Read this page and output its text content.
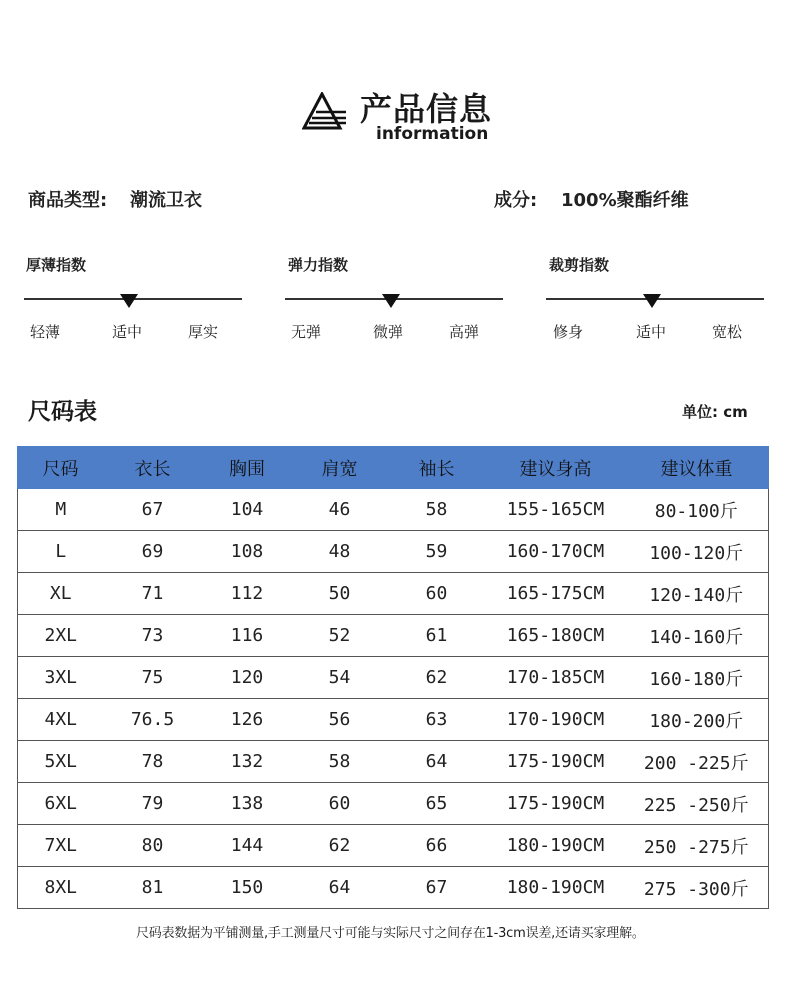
产品信息
information
商品类型: 潮流卫衣	成分: 100%聚酯纤维
厚薄指数
轻薄	适中	厚实
弹力指数
无弹	微弹	高弹
裁剪指数
修身	适中	宽松
尺码表	单位: cm
尺码	衣长	胸围	肩宽	袖长	建议身高	建议体重
M	67	104	46	58	155-165CM	80-100斤
L	69	108	48	59	160-170CM	100-120斤
XL	71	112	50	60	165-175CM	120-140斤
2XL	73	116	52	61	165-180CM	140-160斤
3XL	75	120	54	62	170-185CM	160-180斤
4XL	76.5	126	56	63	170-190CM	180-200斤
5XL	78	132	58	64	175-190CM	200 -225斤
6XL	79	138	60	65	175-190CM	225 -250斤
7XL	80	144	62	66	180-190CM	250 -275斤
8XL	81	150	64	67	180-190CM	275 -300斤
尺码表数据为平铺测量,手工测量尺寸可能与实际尺寸之间存在1-3cm误差,还请买家理解。
